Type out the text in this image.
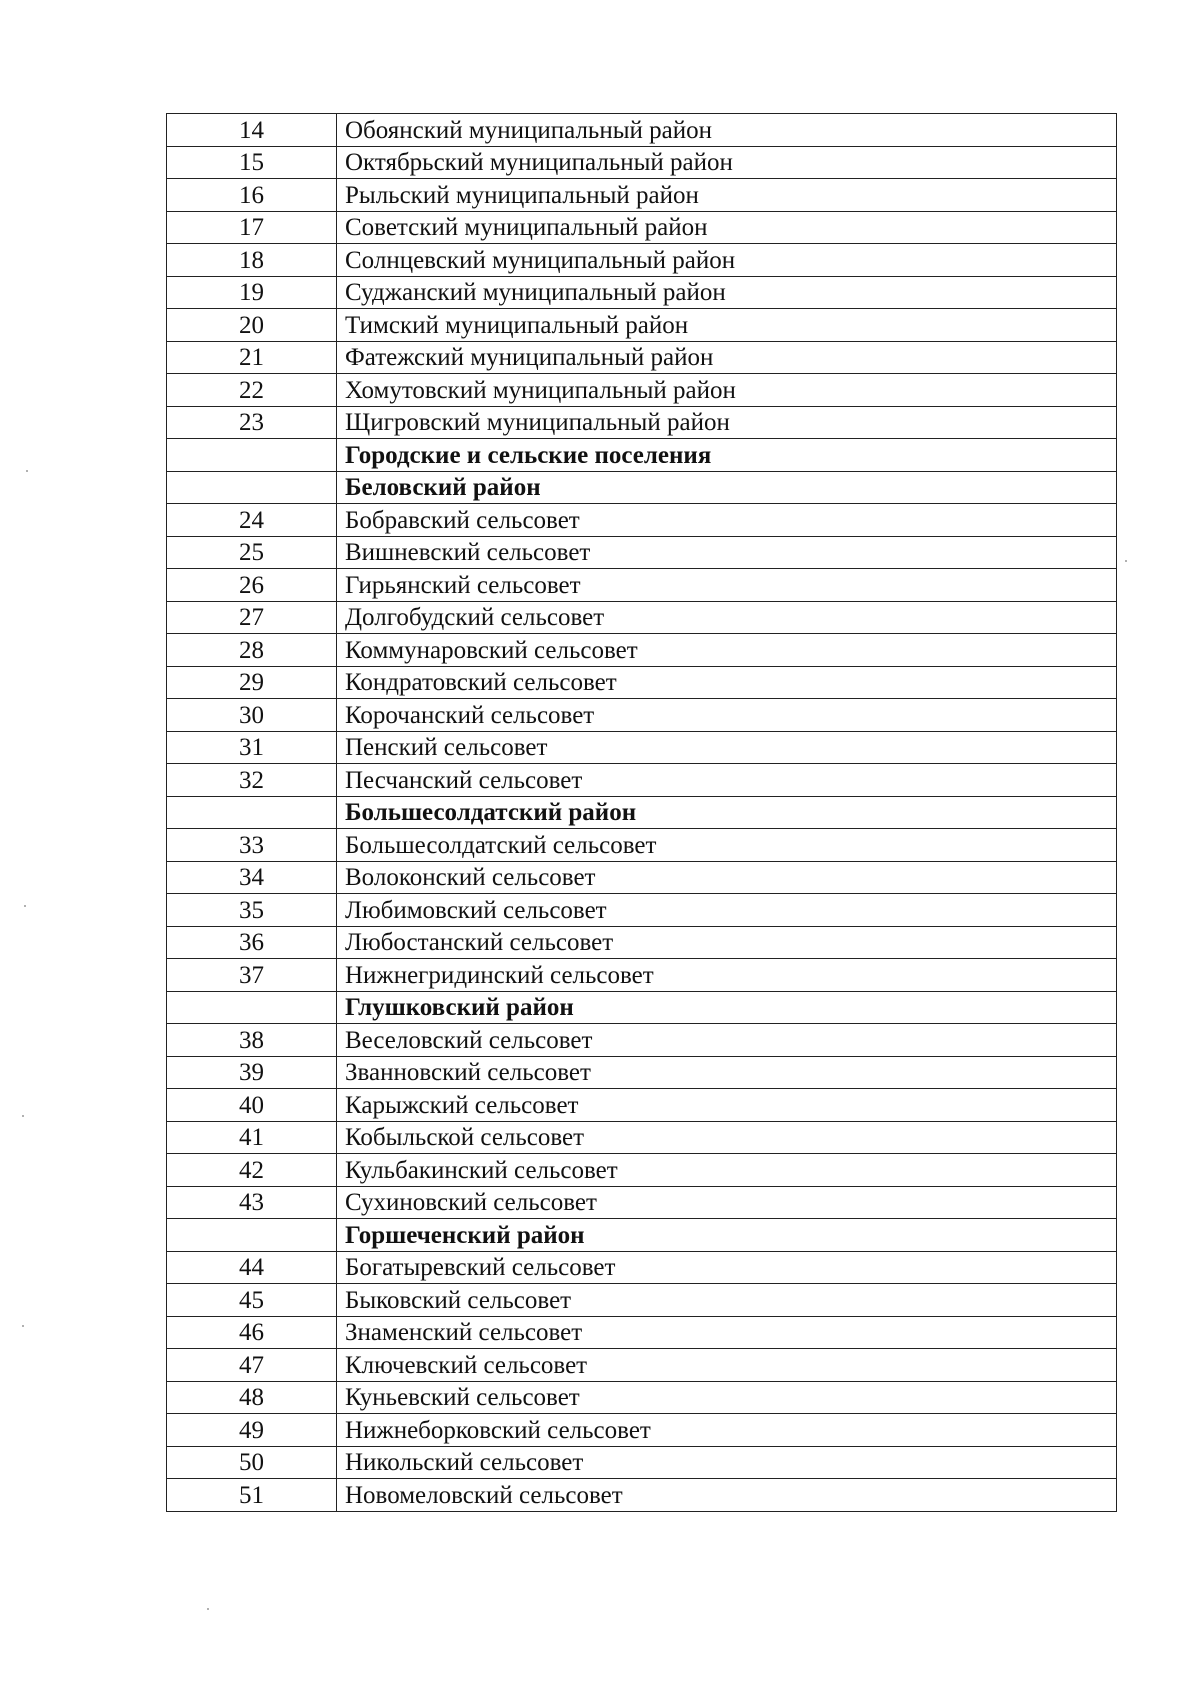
14	Обоянский муниципальный район
15	Октябрьский муниципальный район
16	Рыльский муниципальный район
17	Советский муниципальный район
18	Солнцевский муниципальный район
19	Суджанский муниципальный район
20	Тимский муниципальный район
21	Фатежский муниципальный район
22	Хомутовский муниципальный район
23	Щигровский муниципальный район
	Городские и сельские поселения
	Беловский район
24	Бобравский сельсовет
25	Вишневский сельсовет
26	Гирьянский сельсовет
27	Долгобудский сельсовет
28	Коммунаровский сельсовет
29	Кондратовский сельсовет
30	Корочанский сельсовет
31	Пенский сельсовет
32	Песчанский сельсовет
	Большесолдатский район
33	Большесолдатский сельсовет
34	Волоконский сельсовет
35	Любимовский сельсовет
36	Любостанский сельсовет
37	Нижнегридинский сельсовет
	Глушковский район
38	Веселовский сельсовет
39	Званновский сельсовет
40	Карыжский сельсовет
41	Кобыльской сельсовет
42	Кульбакинский сельсовет
43	Сухиновский сельсовет
	Горшеченский район
44	Богатыревский сельсовет
45	Быковский сельсовет
46	Знаменский сельсовет
47	Ключевский сельсовет
48	Куньевский сельсовет
49	Нижнеборковский сельсовет
50	Никольский сельсовет
51	Новомеловский сельсовет
